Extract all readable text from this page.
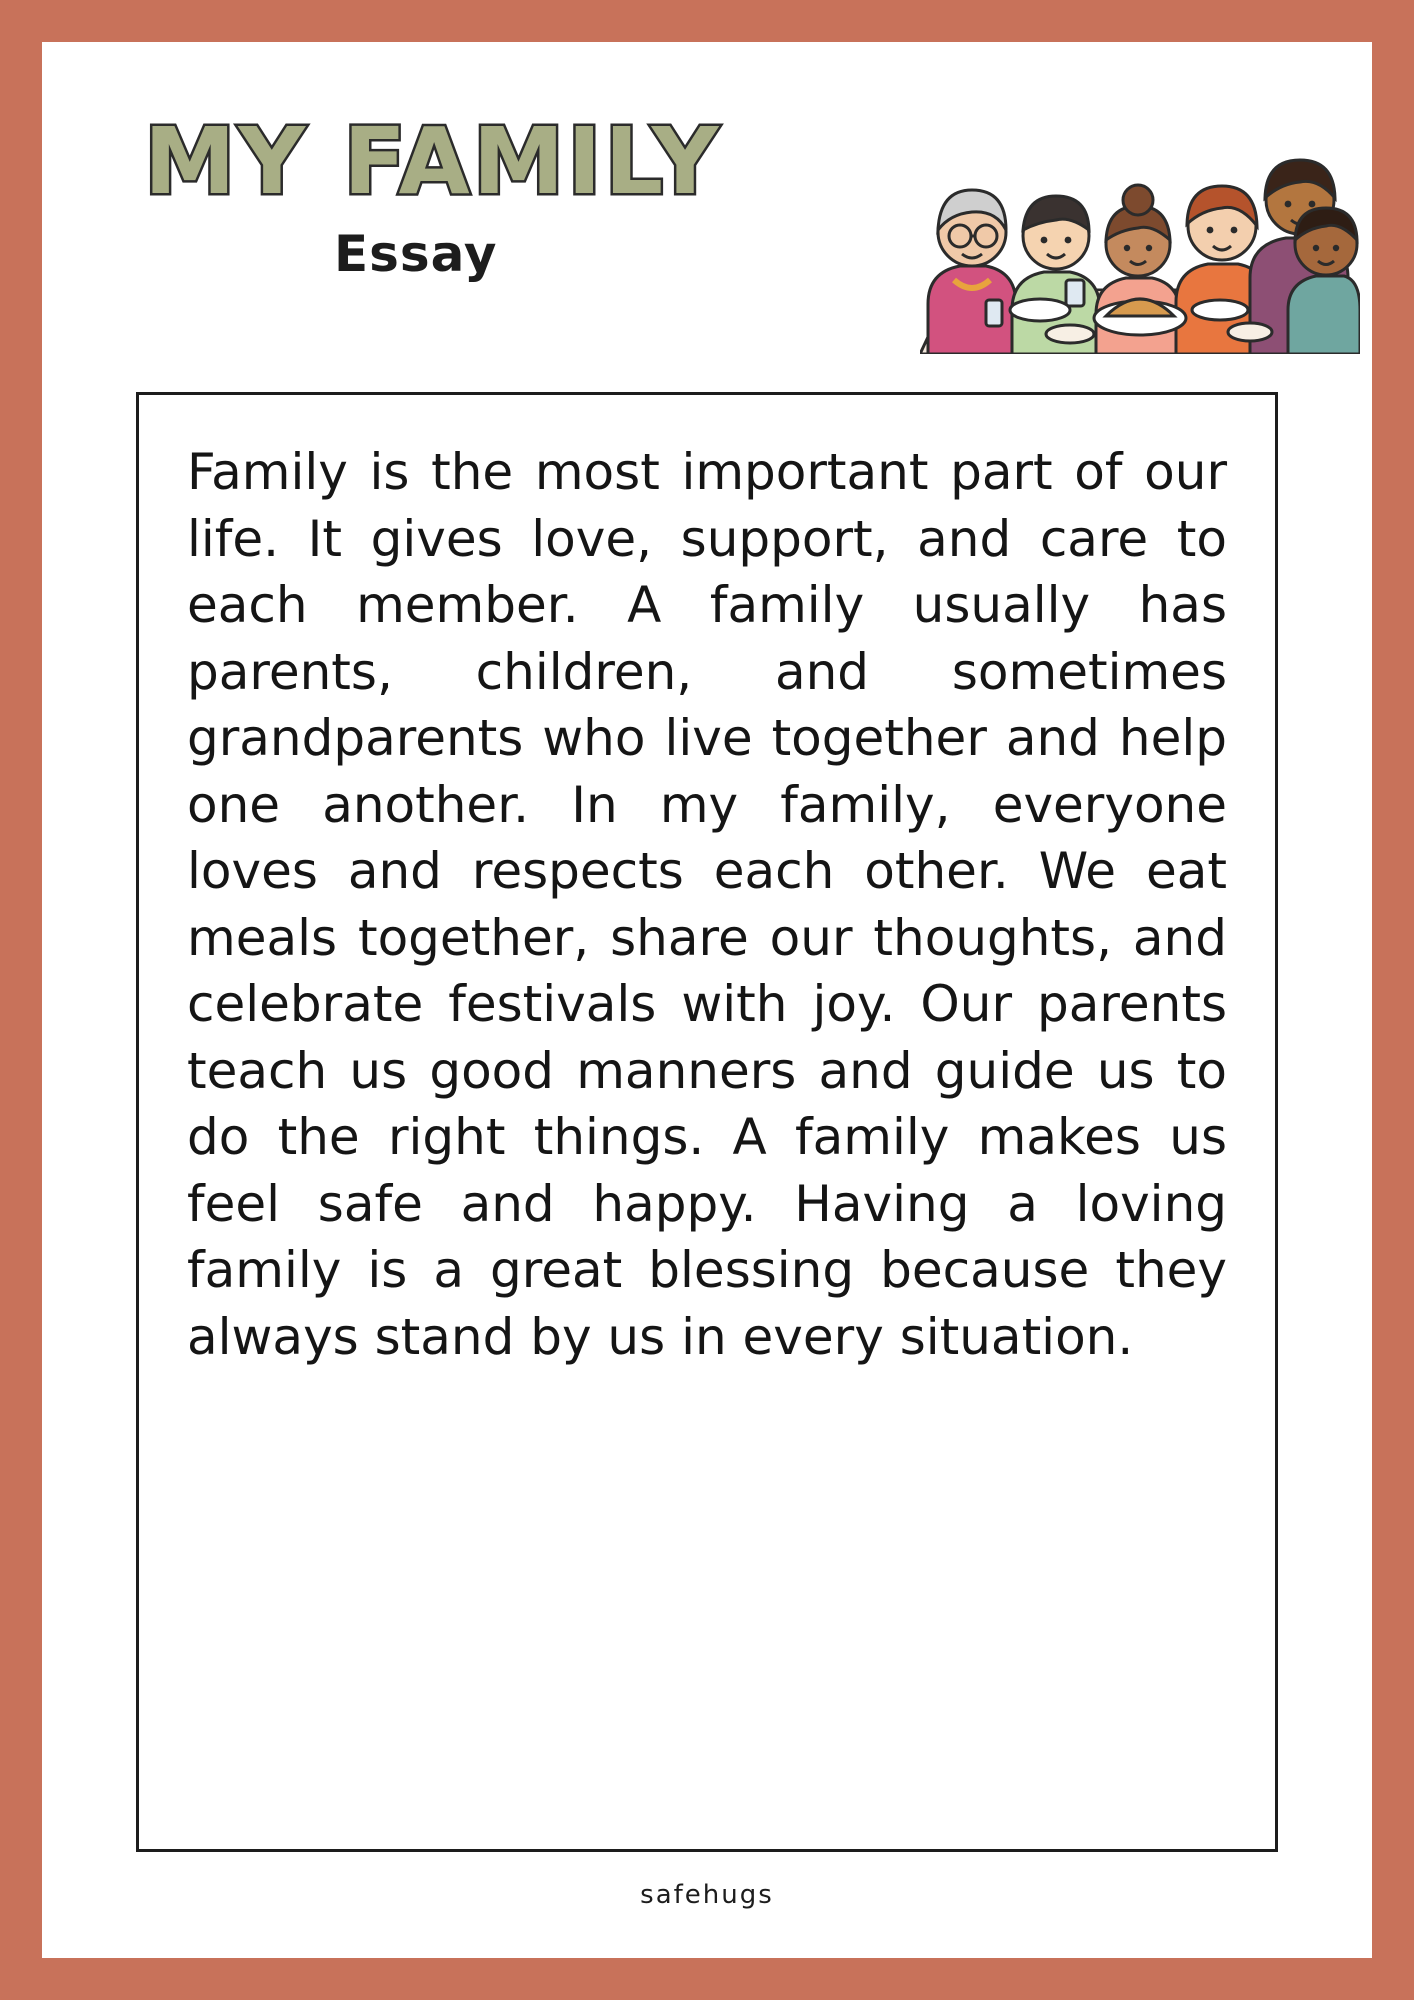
MY FAMILY
Essay

Family is the most important part of our life. It gives love, support, and care to each member. A family usually has parents, children, and sometimes grandparents who live together and help one another. In my family, everyone loves and respects each other. We eat meals together, share our thoughts, and celebrate festivals with joy. Our parents teach us good manners and guide us to do the right things. A family makes us feel safe and happy. Having a loving family is a great blessing because they always stand by us in every situation.

safehugs
